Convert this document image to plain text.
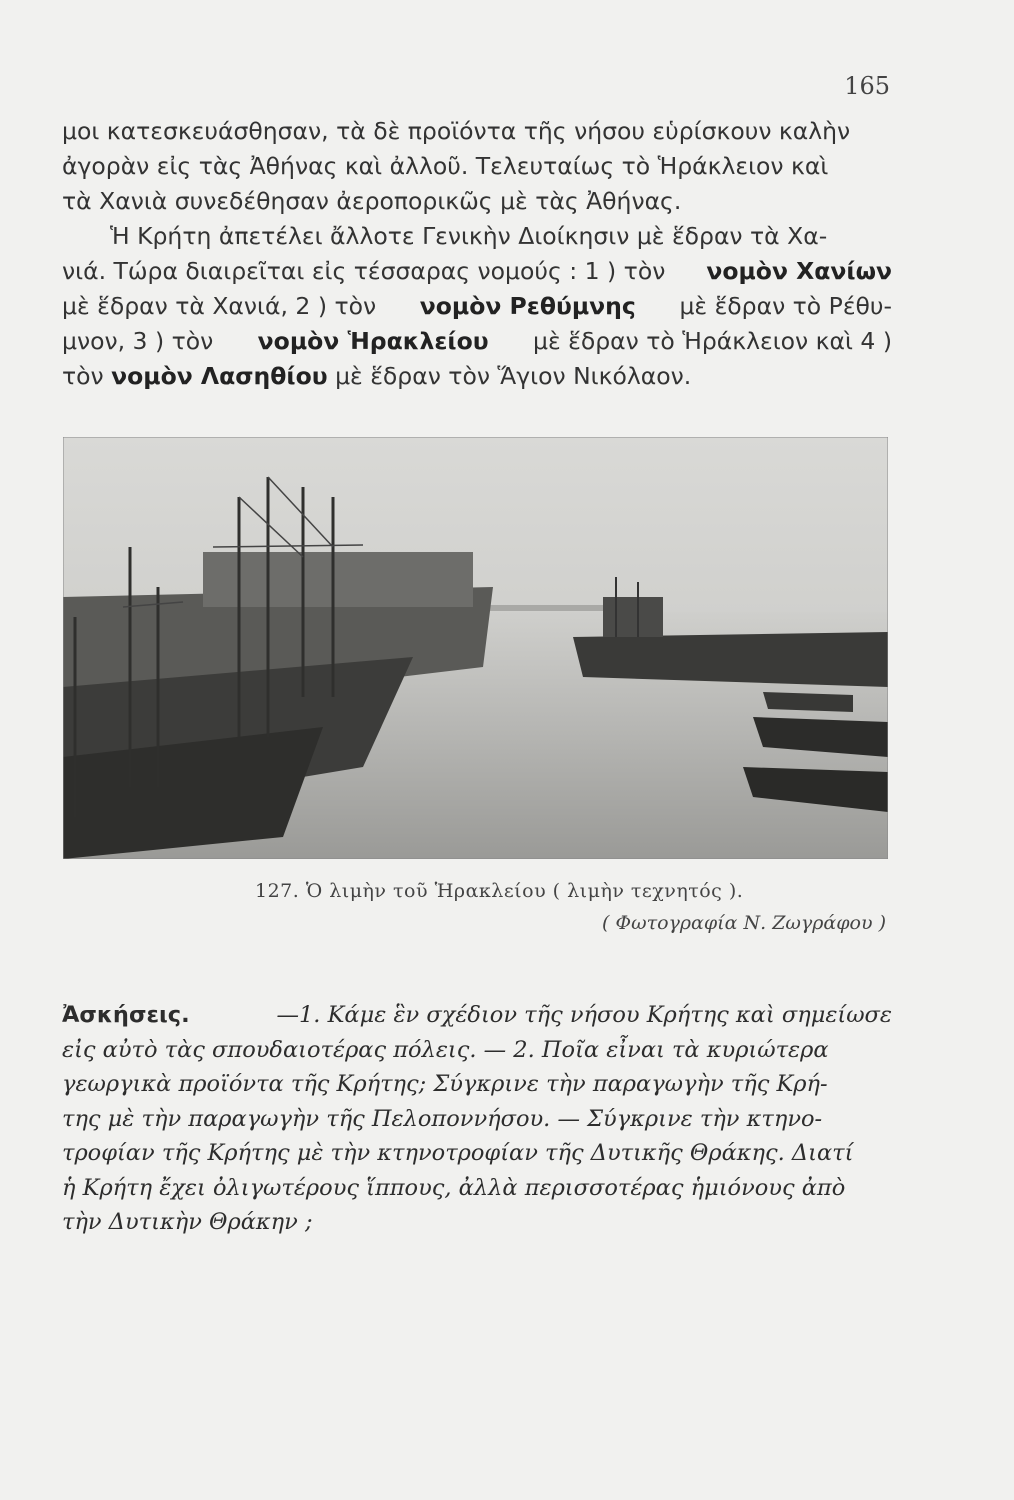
165
μοι κατεσκευάσθησαν, τὰ δὲ προϊόντα τῆς νήσου εὑρίσκουν καλὴν
ἀγορὰν εἰς τὰς Ἀθήνας καὶ ἀλλοῦ. Τελευταίως τὸ Ἡράκλειον καὶ
τὰ Χανιὰ συνεδέθησαν ἀεροπορικῶς μὲ τὰς Ἀθήνας.
Ἡ Κρήτη ἀπετέλει ἄλλοτε Γενικὴν Διοίκησιν μὲ ἕδραν τὰ Χα-
νιά. Τώρα διαιρεῖται εἰς τέσσαρας νομούς : 1 ) τὸν νομὸν Χανίων
μὲ ἕδραν τὰ Χανιά, 2 ) τὸν νομὸν Ρεθύμνης μὲ ἕδραν τὸ Ρέθυ-
μνον, 3 ) τὸν νομὸν Ἡρακλείου μὲ ἕδραν τὸ Ἡράκλειον καὶ 4 )
τὸν
νομὸν Λασηθίου
μὲ ἕδραν τὸν Ἅγιον Νικόλαον.
127. Ὁ λιμὴν τοῦ Ἡρακλείου ( λιμὴν τεχνητός ).
( Φωτογραφία Ν. Ζωγράφου )
Ἀσκήσεις.	—1. Κάμε ἓν σχέδιον τῆς νήσου Κρήτης καὶ σημείωσε
εἰς αὐτὸ τὰς σπουδαιοτέρας πόλεις. — 2. Ποῖα εἶναι τὰ κυριώτερα
γεωργικὰ προϊόντα τῆς Κρήτης; Σύγκρινε τὴν παραγωγὴν τῆς Κρή-
της μὲ τὴν παραγωγὴν τῆς Πελοποννήσου. — Σύγκρινε τὴν κτηνο-
τροφίαν τῆς Κρήτης μὲ τὴν κτηνοτροφίαν τῆς Δυτικῆς Θράκης. Διατί
ἡ Κρήτη ἔχει ὀλιγωτέρους ἵππους, ἀλλὰ περισσοτέρας ἡμιόνους ἀπὸ
τὴν Δυτικὴν Θράκην ;
